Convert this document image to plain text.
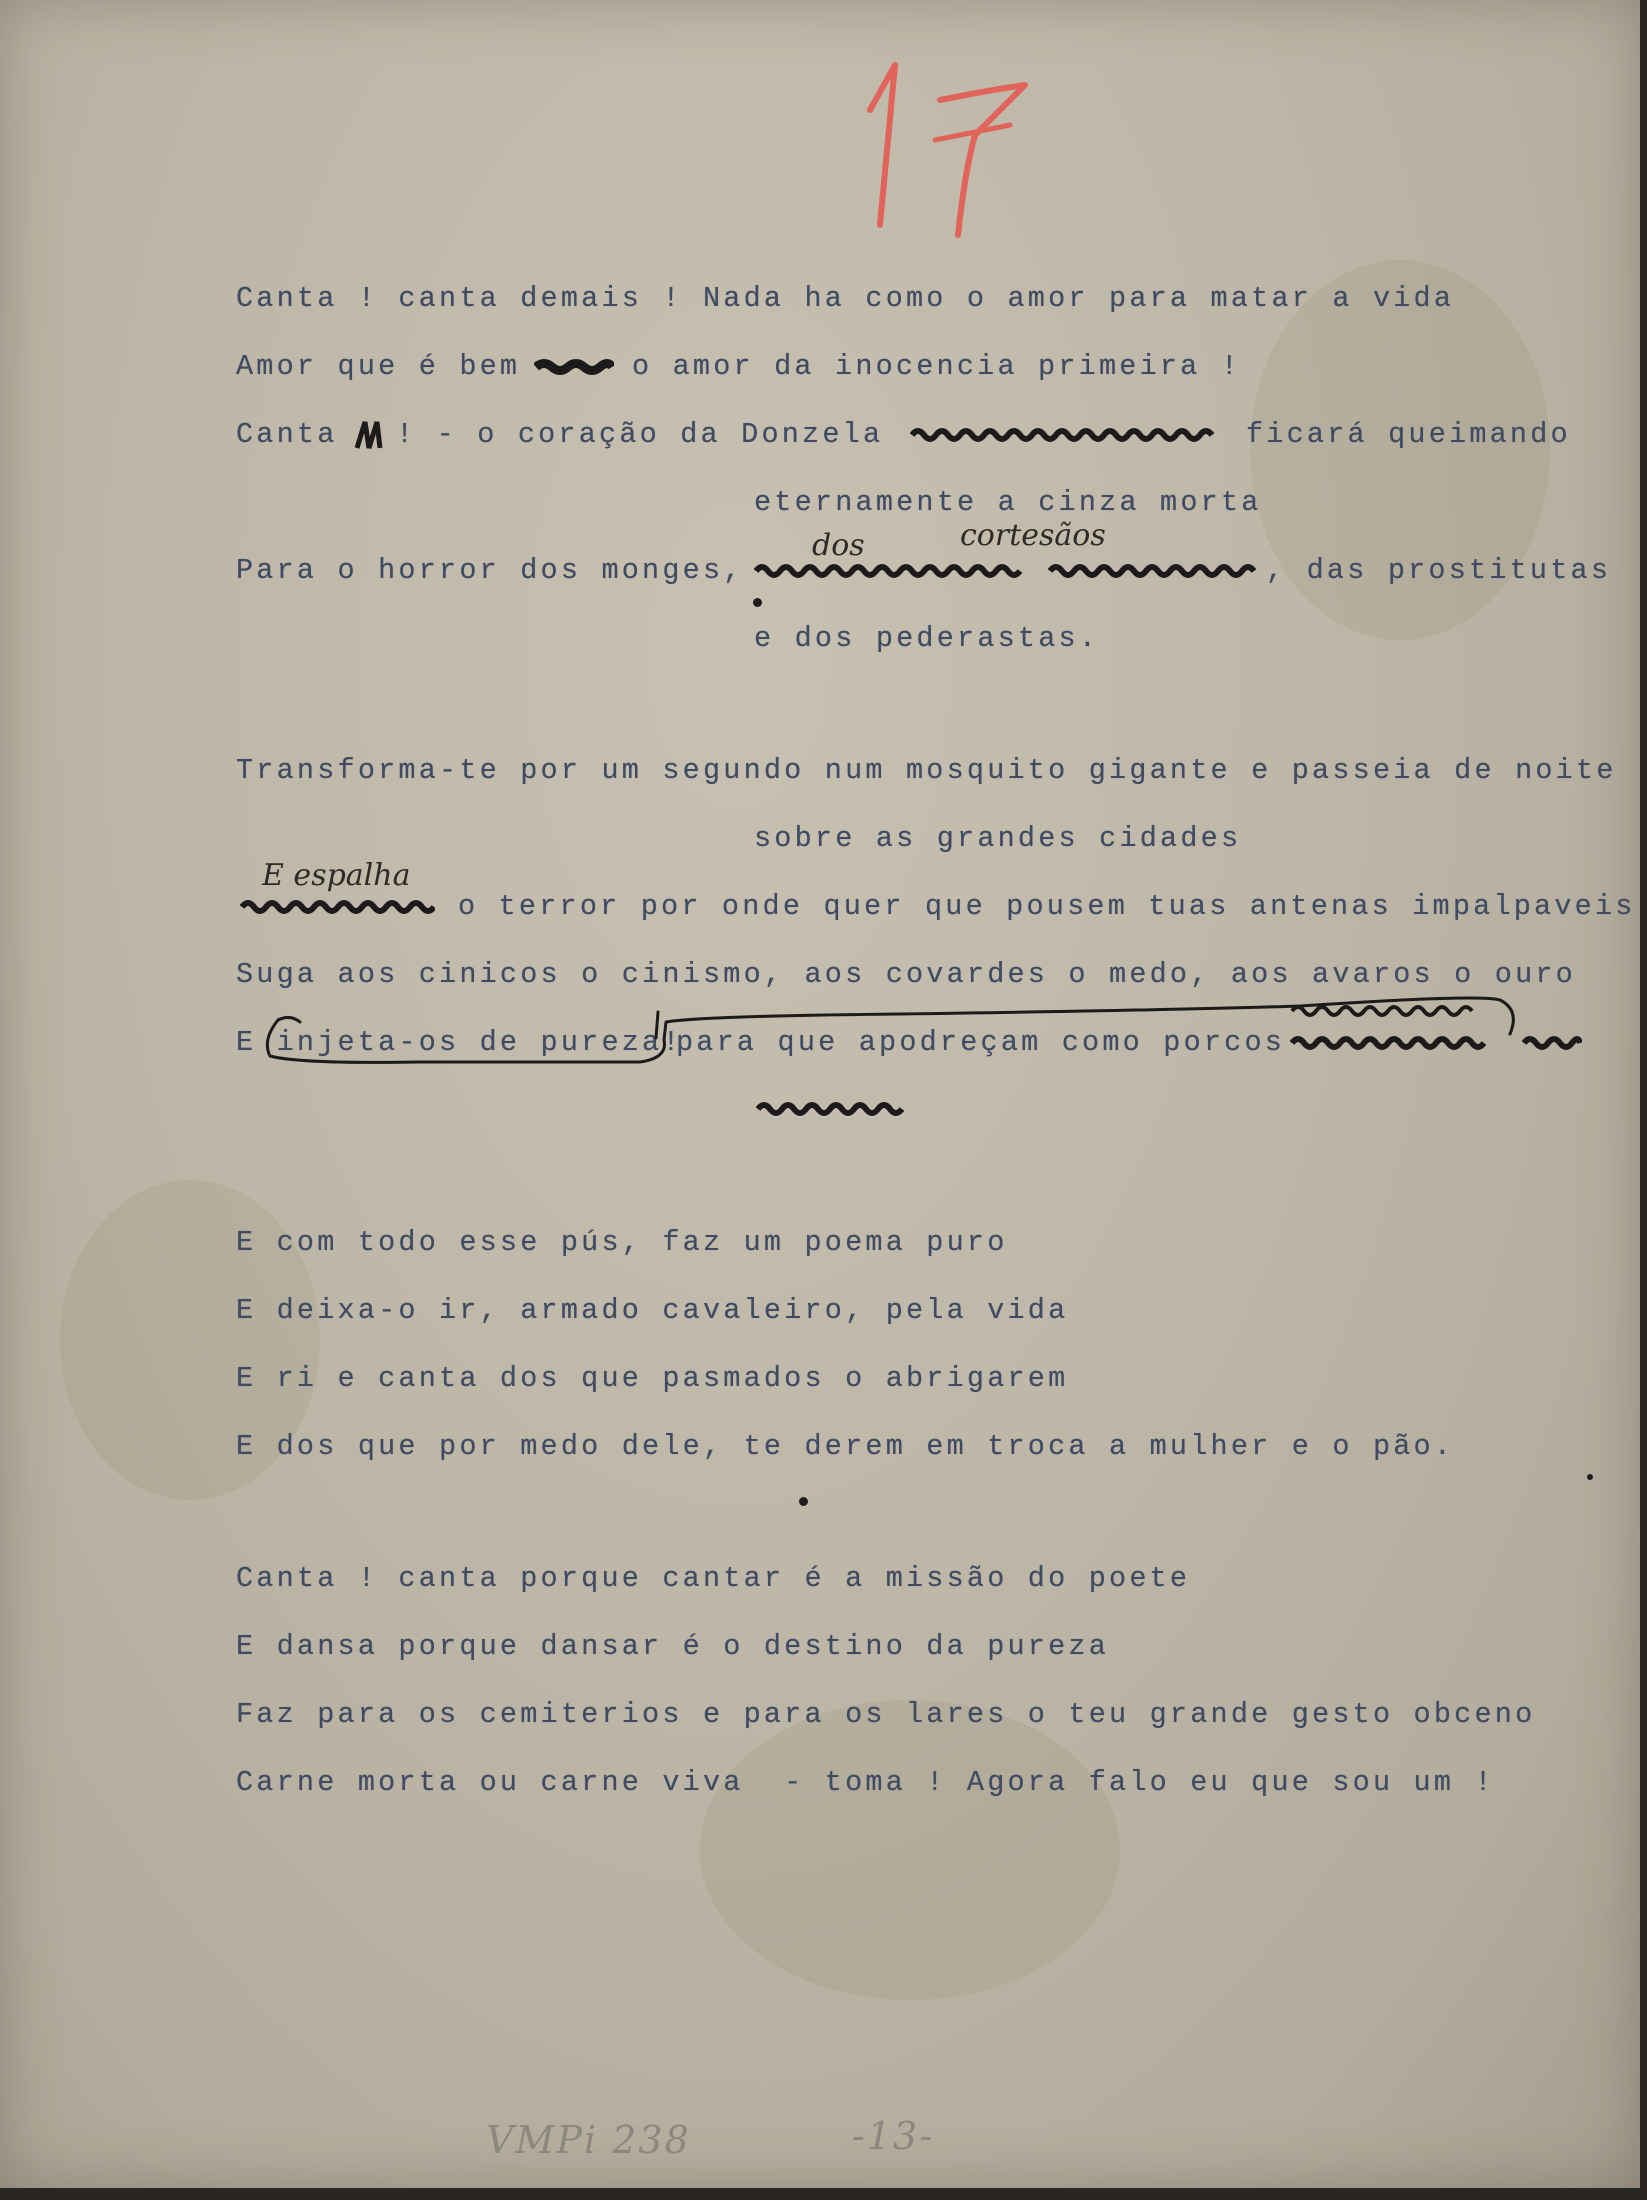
Canta ! canta demais ! Nada ha como o amor para matar a vida
Amor que é bem	o amor da inocencia primeira !
Canta ! - o coração da Donzela	ficará queimando
eternamente a cinza morta
dos	cortesãos
Para o horror dos monges,	, das prostitutas
e dos pederastas.
Transforma-te por um segundo num mosquito gigante e passeia de noite
sobre as grandes cidades
E espalha
o terror por onde quer que pousem tuas antenas impalpaveis
Suga aos cinicos o cinismo, aos covardes o medo, aos avaros o ouro
E injeta-os de pureza!
para que apodreçam como porcos
E com todo esse pús, faz um poema puro
E deixa-o ir, armado cavaleiro, pela vida
E ri e canta dos que pasmados o abrigarem
E dos que por medo dele, te derem em troca a mulher e o pão.
Canta ! canta porque cantar é a missão do poete
E dansa porque dansar é o destino da pureza
Faz para os cemiterios e para os lares o teu grande gesto obceno
Carne morta ou carne viva  - toma ! Agora falo eu que sou um !
VMPi 238	-13-
